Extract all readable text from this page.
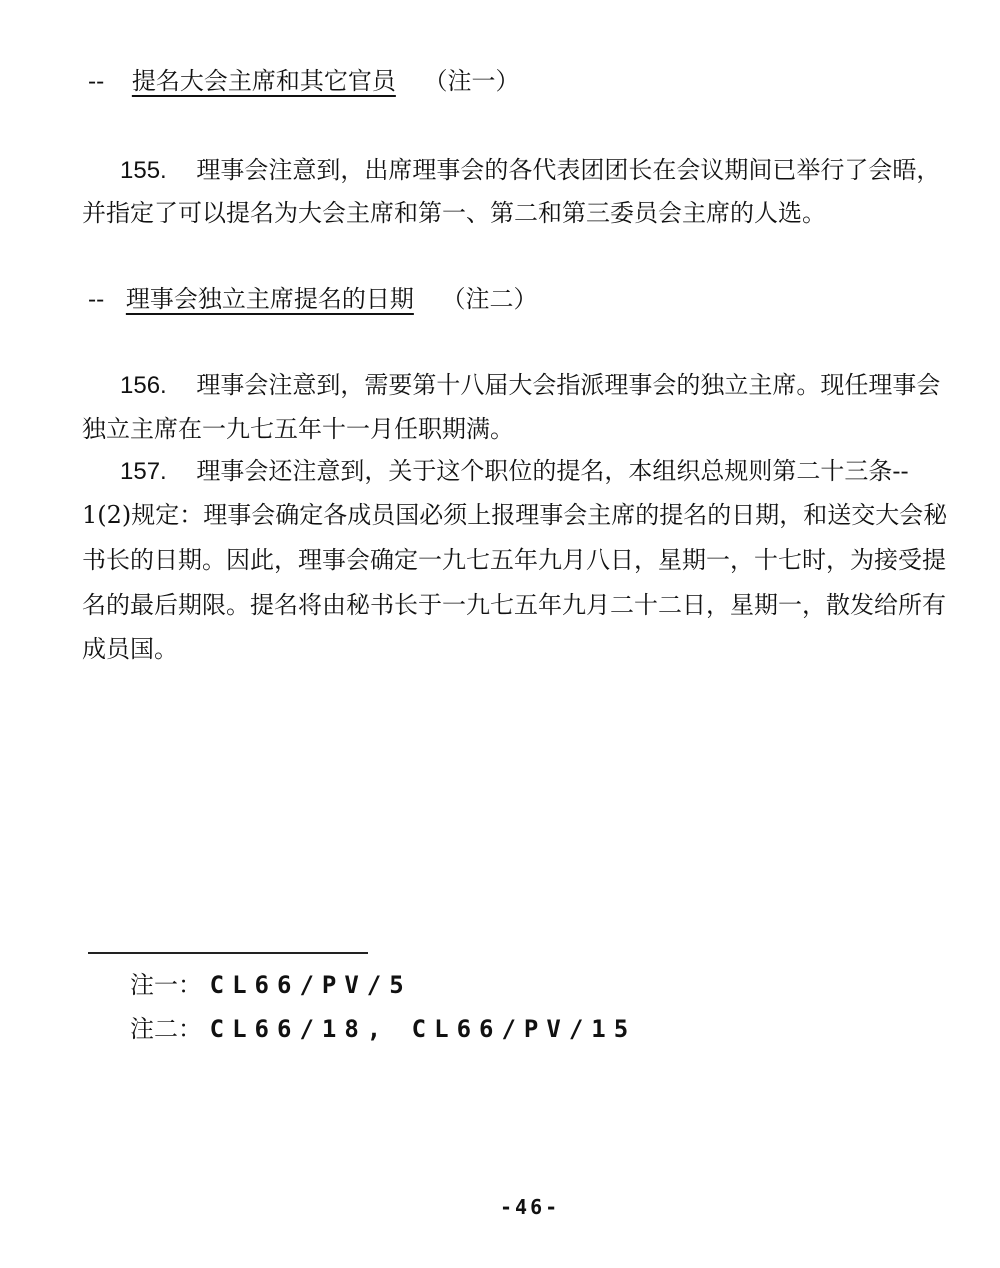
-- 提名大会主席和其它官员 （注一）
155. 理事会注意到，出席理事会的各代表团团长在会议期间已举行了会晤，
并指定了可以提名为大会主席和第一、第二和第三委员会主席的人选。
-- 理事会独立主席提名的日期 （注二）
156. 理事会注意到，需要第十八届大会指派理事会的独立主席。现任理事会
独立主席在一九七五年十一月任职期满。
157. 理事会还注意到，关于这个职位的提名，本组织总规则第二十三条--
1(2)规定：理事会确定各成员国必须上报理事会主席的提名的日期，和送交大会秘
书长的日期。因此，理事会确定一九七五年九月八日，星期一，十七时，为接受提
名的最后期限。提名将由秘书长于一九七五年九月二十二日，星期一，散发给所有
成员国。
注一： CL66/PV/5
注二： CL66/18, CL66/PV/15
-46-
